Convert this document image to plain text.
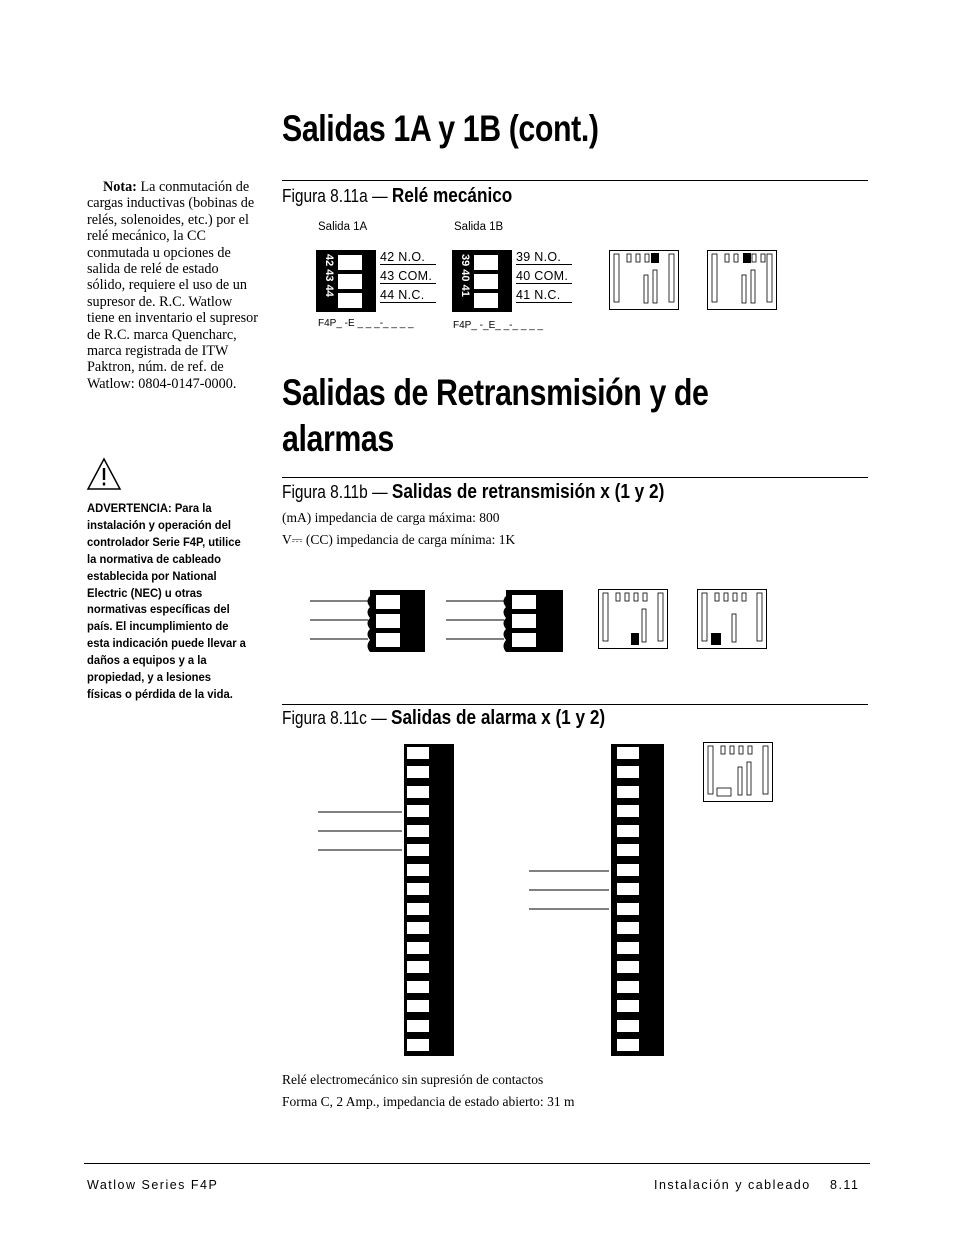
Nota: La conmutación de cargas inductivas (bobinas de relés, solenoides, etc.) por el relé mecánico, la CC conmutada u opciones de salida de relé de estado sólido, requiere el uso de un supresor de. R.C. Watlow tiene en inventario el supresor de R.C. marca Quencharc, marca registrada de ITW Paktron, núm. de ref. de Watlow: 0804-0147-0000.
ADVERTENCIA: Para la instalación y operación del controlador Serie F4P, utilice la normativa de cableado establecida por National Electric (NEC) u otras normativas específicas del país. El incumplimiento de esta indicación puede llevar a daños a equipos y a la propiedad, y a lesiones físicas o pérdida de la vida.
Salidas 1A y 1B (cont.)
Figura 8.11a — Relé mecánico
Salida 1A	Salida 1B
42 43 44	42 N.O.
43 COM.
44 N.C.
F4P_ -E _ _ _-_ _ _ _
39 40 41	39 N.O.
40 COM.
41 N.C.
F4P_ -_E_ _-_ _ _ _
Salidas de Retransmisión y de
alarmas
Figura 8.11b — Salidas de retransmisión x (1 y 2)
(mA) impedancia de carga máxima: 800
V⎓ (CC) impedancia de carga mínima: 1K
Figura 8.11c — Salidas de alarma x (1 y 2)
Relé electromecánico sin supresión de contactos
Forma C, 2 Amp., impedancia de estado abierto: 31 m
Watlow Series F4P	Instalación y cableado 8.11
